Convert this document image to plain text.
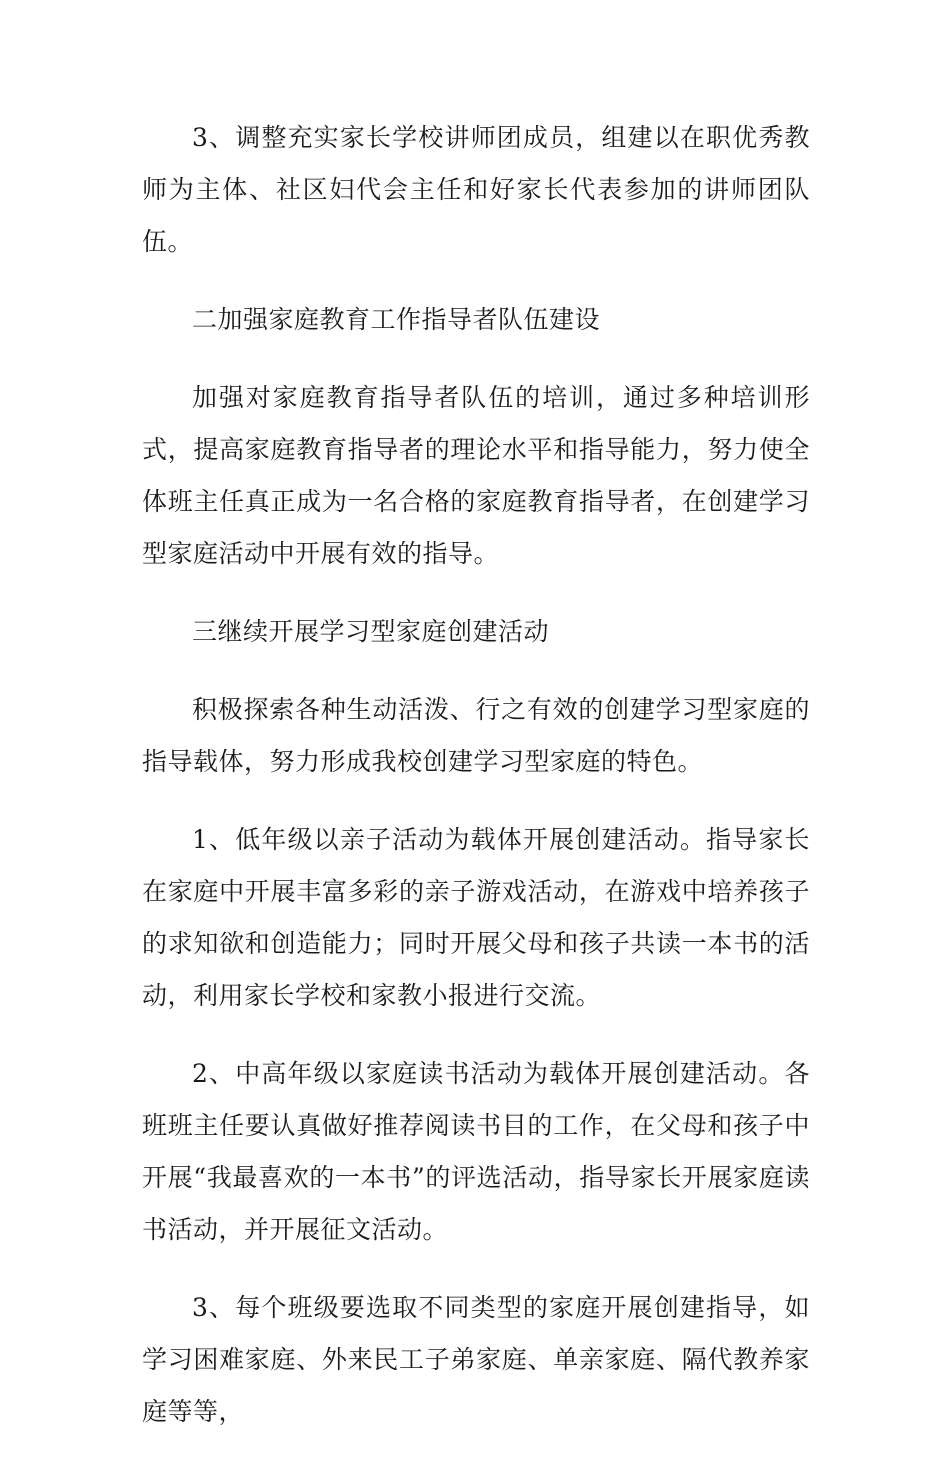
3、调整充实家长学校讲师团成员，组建以在职优秀教师为主体、社区妇代会主任和好家长代表参加的讲师团队伍。

二加强家庭教育工作指导者队伍建设

加强对家庭教育指导者队伍的培训，通过多种培训形式，提高家庭教育指导者的理论水平和指导能力，努力使全体班主任真正成为一名合格的家庭教育指导者，在创建学习型家庭活动中开展有效的指导。

三继续开展学习型家庭创建活动

积极探索各种生动活泼、行之有效的创建学习型家庭的指导载体，努力形成我校创建学习型家庭的特色。

1、低年级以亲子活动为载体开展创建活动。指导家长在家庭中开展丰富多彩的亲子游戏活动，在游戏中培养孩子的求知欲和创造能力；同时开展父母和孩子共读一本书的活动，利用家长学校和家教小报进行交流。

2、中高年级以家庭读书活动为载体开展创建活动。各班班主任要认真做好推荐阅读书目的工作，在父母和孩子中开展“我最喜欢的一本书”的评选活动，指导家长开展家庭读书活动，并开展征文活动。

3、每个班级要选取不同类型的家庭开展创建指导，如学习困难家庭、外来民工子弟家庭、单亲家庭、隔代教养家庭等等，
